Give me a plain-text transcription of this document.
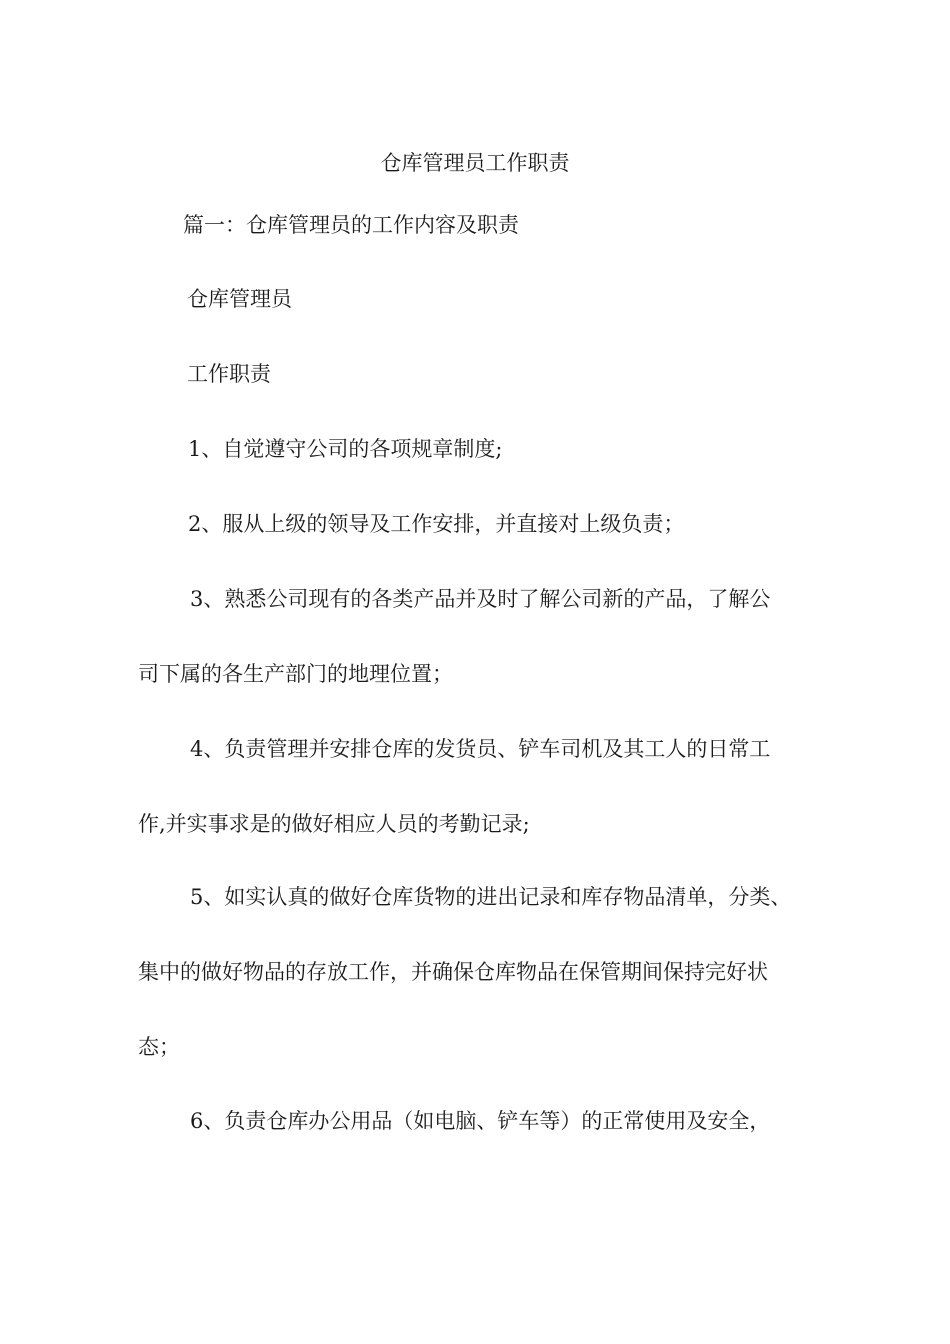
仓库管理员工作职责
篇一：仓库管理员的工作内容及职责
仓库管理员
工作职责
1、自觉遵守公司的各项规章制度;
2、服从上级的领导及工作安排，并直接对上级负责；
3、熟悉公司现有的各类产品并及时了解公司新的产品，了解公
司下属的各生产部门的地理位置；
4、负责管理并安排仓库的发货员、铲车司机及其工人的日常工
作,并实事求是的做好相应人员的考勤记录;
5、如实认真的做好仓库货物的进出记录和库存物品清单，分类、
集中的做好物品的存放工作，并确保仓库物品在保管期间保持完好状
态；
6、负责仓库办公用品（如电脑、铲车等）的正常使用及安全，
